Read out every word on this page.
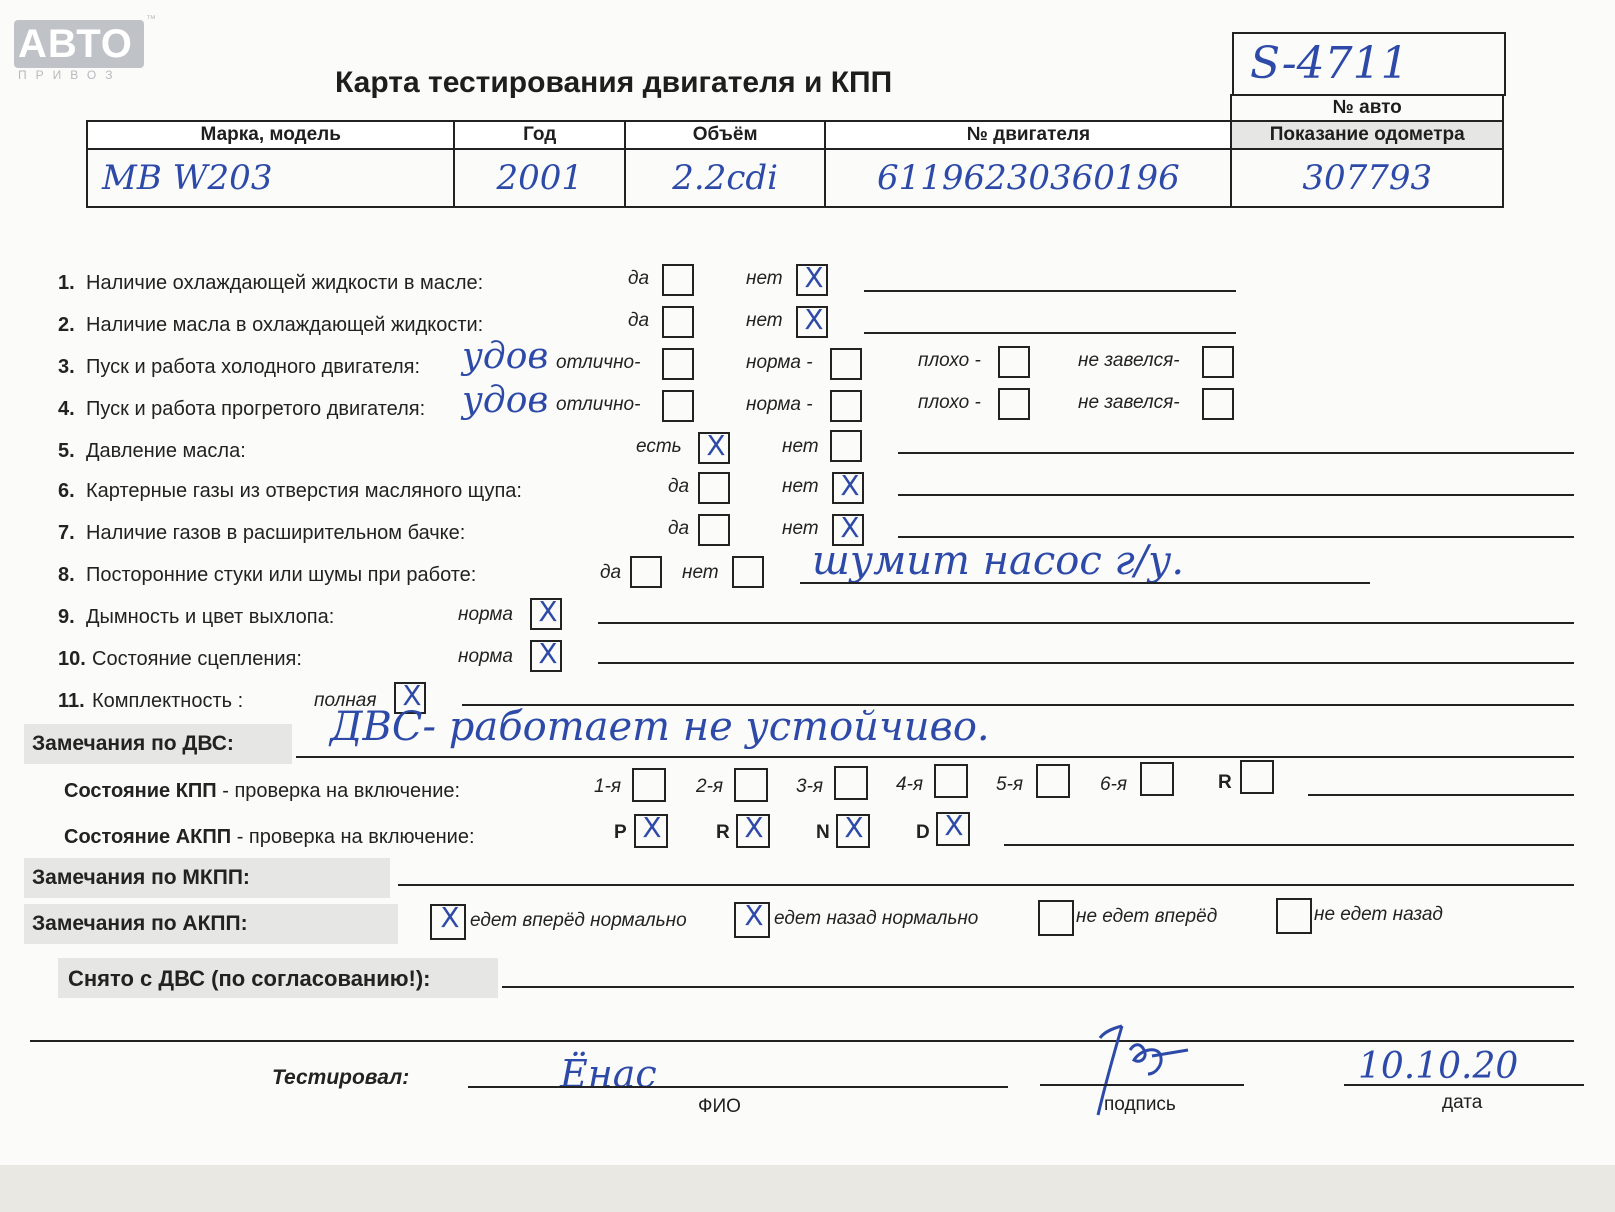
АВТО
™
ПРИВОЗ	Карта тестирования двигателя и КПП	S-4711
				№ авто
Марка, модель	Год	Объём	№ двигателя	Показание одометра
MB W203	2001	2.2cdi	61196230360196	307793
1. Наличие охлаждающей жидкости в масле:	да	нет X
2. Наличие масла в охлаждающей жидкости:	да	нет X
3. Пуск и работа холодного двигателя: удов отлично-	норма -	плохо -	не завелся-
4. Пуск и работа прогретого двигателя: удов отлично-	норма -	плохо -	не завелся-
5. Давление масла:	есть X	нет
6. Картерные газы из отверстия масляного щупа:	да	нет X
7. Наличие газов в расширительном бачке:	да	нет X
8. Посторонние стуки или шумы при работе:	да	нет шумит насос г/у.
9. Дымность и цвет выхлопа:	норма X
10. Состояние сцепления:	норма X
11. Комплектность :	полная X
Замечания по ДВС: ДВС- работает не устойчиво.
Состояние КПП - проверка на включение:	1-я	2-я	3-я	4-я	5-я	6-я	R
Состояние АКПП - проверка на включение:	P X	R X	N X	D X
Замечания по МКПП:
Замечания по АКПП:	X едет вперёд нормально	X едет назад нормально	не едет вперёд	не едет назад
Снято с ДВС (по согласованию!):
Тестировал:	Ёнас
ФИО	подпись
10.10.20
дата
